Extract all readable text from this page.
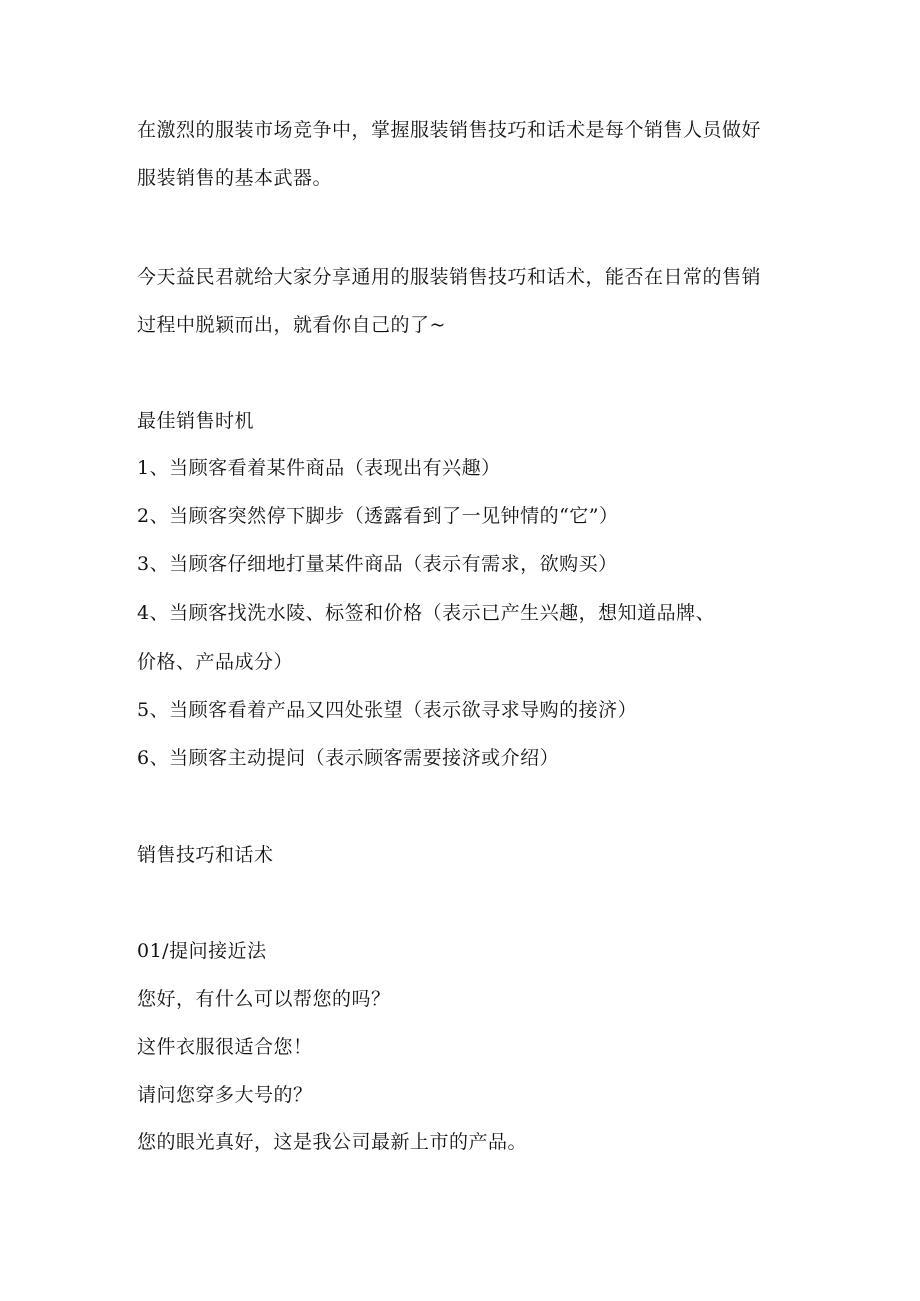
在激烈的服装市场竞争中，掌握服装销售技巧和话术是每个销售人员做好
服装销售的基本武器。
今天益民君就给大家分享通用的服装销售技巧和话术，能否在日常的售销
过程中脱颖而出，就看你自己的了~
最佳销售时机
1、当顾客看着某件商品（表现出有兴趣）
2、当顾客突然停下脚步（透露看到了一见钟情的“它”）
3、当顾客仔细地打量某件商品（表示有需求，欲购买）
4、当顾客找洗水陵、标签和价格（表示已产生兴趣，想知道品牌、
价格、产品成分）
5、当顾客看着产品又四处张望（表示欲寻求导购的接济）
6、当顾客主动提问（表示顾客需要接济或介绍）
销售技巧和话术
01/提问接近法
您好，有什么可以帮您的吗？
这件衣服很适合您！
请问您穿多大号的？
您的眼光真好，这是我公司最新上市的产品。
